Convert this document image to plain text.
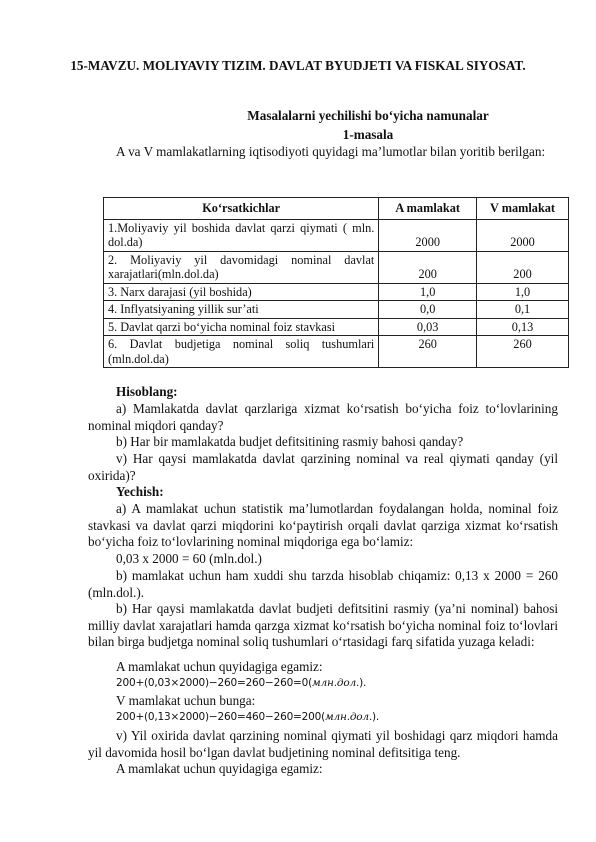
15-MAVZU. MOLIYAVIY TIZIM. DAVLAT BYUDJETI VA FISKAL SIYOSAT.
Masalalarni yechilishi bo‘yicha namunalar
1-masala

A va V mamlakatlarning iqtisodiyoti quyidagi ma’lumotlar bilan yoritib berilgan:

Ko‘rsatkichlar	A mamlakat	V mamlakat
1.Moliyaviy yil boshida davlat qarzi qiymati ( mln. dol.da)	2000	2000
2. Moliyaviy yil davomidagi nominal davlat xarajatlari(mln.dol.da)	200	200
3. Narx darajasi (yil boshida)	1,0	1,0
4. Inflyatsiyaning yillik sur’ati	0,0	0,1
5. Davlat qarzi bo‘yicha nominal foiz stavkasi	0,03	0,13
6. Davlat budjetiga nominal soliq tushumlari (mln.dol.da)	260	260

Hisoblang:

a) Mamlakatda davlat qarzlariga xizmat ko‘rsatish bo‘yicha foiz to‘lovlarining nominal miqdori qanday?

b) Har bir mamlakatda budjet defitsitining rasmiy bahosi qanday?

v) Har qaysi mamlakatda davlat qarzining nominal va real qiymati qanday (yil oxirida)?

Yechish:

a) A mamlakat uchun statistik ma’lumotlardan foydalangan holda, nominal foiz stavkasi va davlat qarzi miqdorini ko‘paytirish orqali davlat qarziga xizmat ko‘rsatish bo‘yicha foiz to‘lovlarining nominal miqdoriga ega bo‘lamiz:

0,03 x 2000 = 60 (mln.dol.)

b) mamlakat uchun ham xuddi shu tarzda hisoblab chiqamiz: 0,13 x 2000 = 260 (mln.dol.).

b) Har qaysi mamlakatda davlat budjeti defitsitini rasmiy (ya’ni nominal) bahosi milliy davlat xarajatlari hamda qarzga xizmat ko‘rsatish bo‘yicha nominal foiz to‘lovlari bilan birga budjetga nominal soliq tushumlari o‘rtasidagi farq sifatida yuzaga keladi:

A mamlakat uchun quyidagiga egamiz:
200+(0,03×2000)−260=260−260=0(млн.дол.).
V mamlakat uchun bunga:
200+(0,13×2000)−260=460−260=200(млн.дол.).

v) Yil oxirida davlat qarzining nominal qiymati yil boshidagi qarz miqdori hamda yil davomida hosil bo‘lgan davlat budjetining nominal defitsitiga teng.

A mamlakat uchun quyidagiga egamiz:
